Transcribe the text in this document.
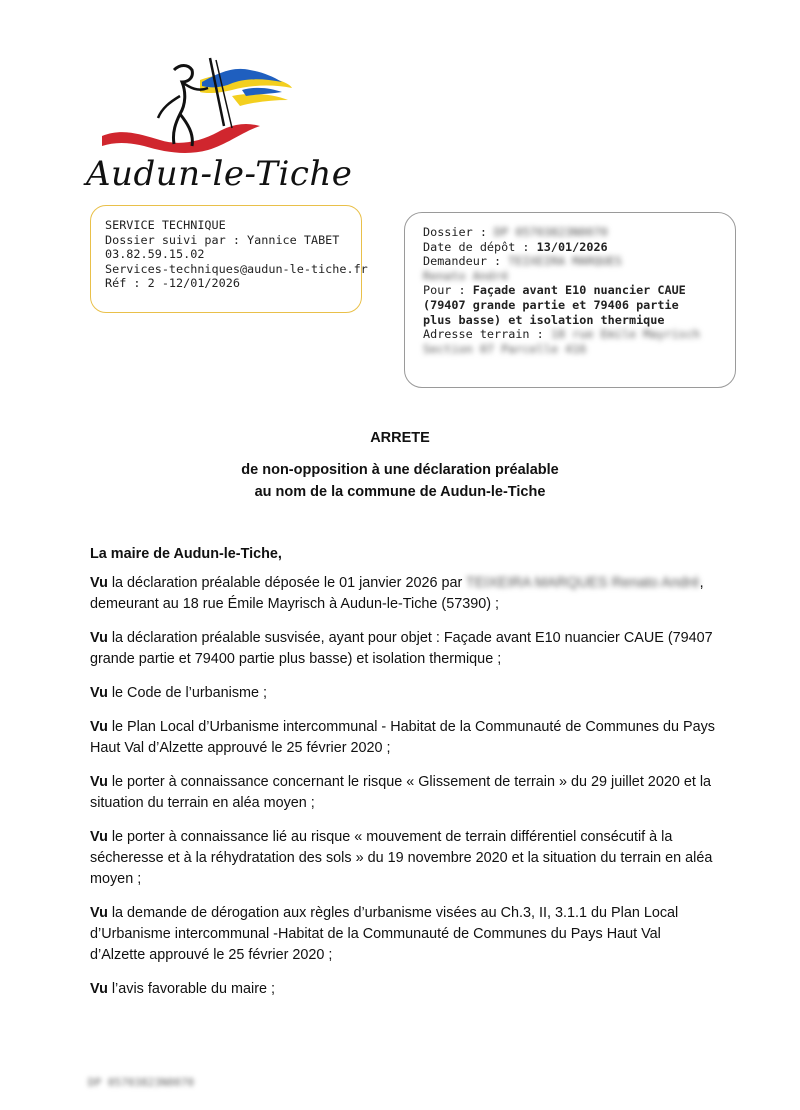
Audun-le-Tiche
SERVICE TECHNIQUE
Dossier suivi par : Yannice TABET
03.82.59.15.02
Services-techniques@audun-le-tiche.fr
Réf : 2 -12/01/2026
Dossier : DP 05703823N0070
Date de dépôt : 13/01/2026
Demandeur : TEIXEIRA MARQUES
Renato André
Pour : Façade avant E10 nuancier CAUE
(79407 grande partie et 79406 partie
plus basse) et isolation thermique
Adresse terrain : 18 rue Emile Mayrisch
Section 07 Parcelle 416
ARRETE
de non-opposition à une déclaration préalable
au nom de la commune de Audun-le-Tiche
La maire de Audun-le-Tiche,
Vu la déclaration préalable déposée le 01 janvier 2026 par TEIXEIRA MARQUES Renato André, demeurant au 18 rue Émile Mayrisch à Audun-le-Tiche (57390) ;
Vu la déclaration préalable susvisée, ayant pour objet : Façade avant E10 nuancier CAUE (79407 grande partie et 79400 partie plus basse) et isolation thermique ;
Vu le Code de l’urbanisme ;
Vu le Plan Local d’Urbanisme intercommunal - Habitat de la Communauté de Communes du Pays Haut Val d’Alzette approuvé le 25 février 2020 ;
Vu le porter à connaissance concernant le risque « Glissement de terrain » du 29 juillet 2020 et la situation du terrain en aléa moyen ;
Vu le porter à connaissance lié au risque « mouvement de terrain différentiel consécutif à la sécheresse et à la réhydratation des sols » du 19 novembre 2020 et la situation du terrain en aléa moyen ;
Vu la demande de dérogation aux règles d’urbanisme visées au Ch.3, II, 3.1.1 du Plan Local d’Urbanisme intercommunal -Habitat de la Communauté de Communes du Pays Haut Val d’Alzette approuvé le 25 février 2020 ;
Vu l’avis favorable du maire ;
DP 05703823N0070
